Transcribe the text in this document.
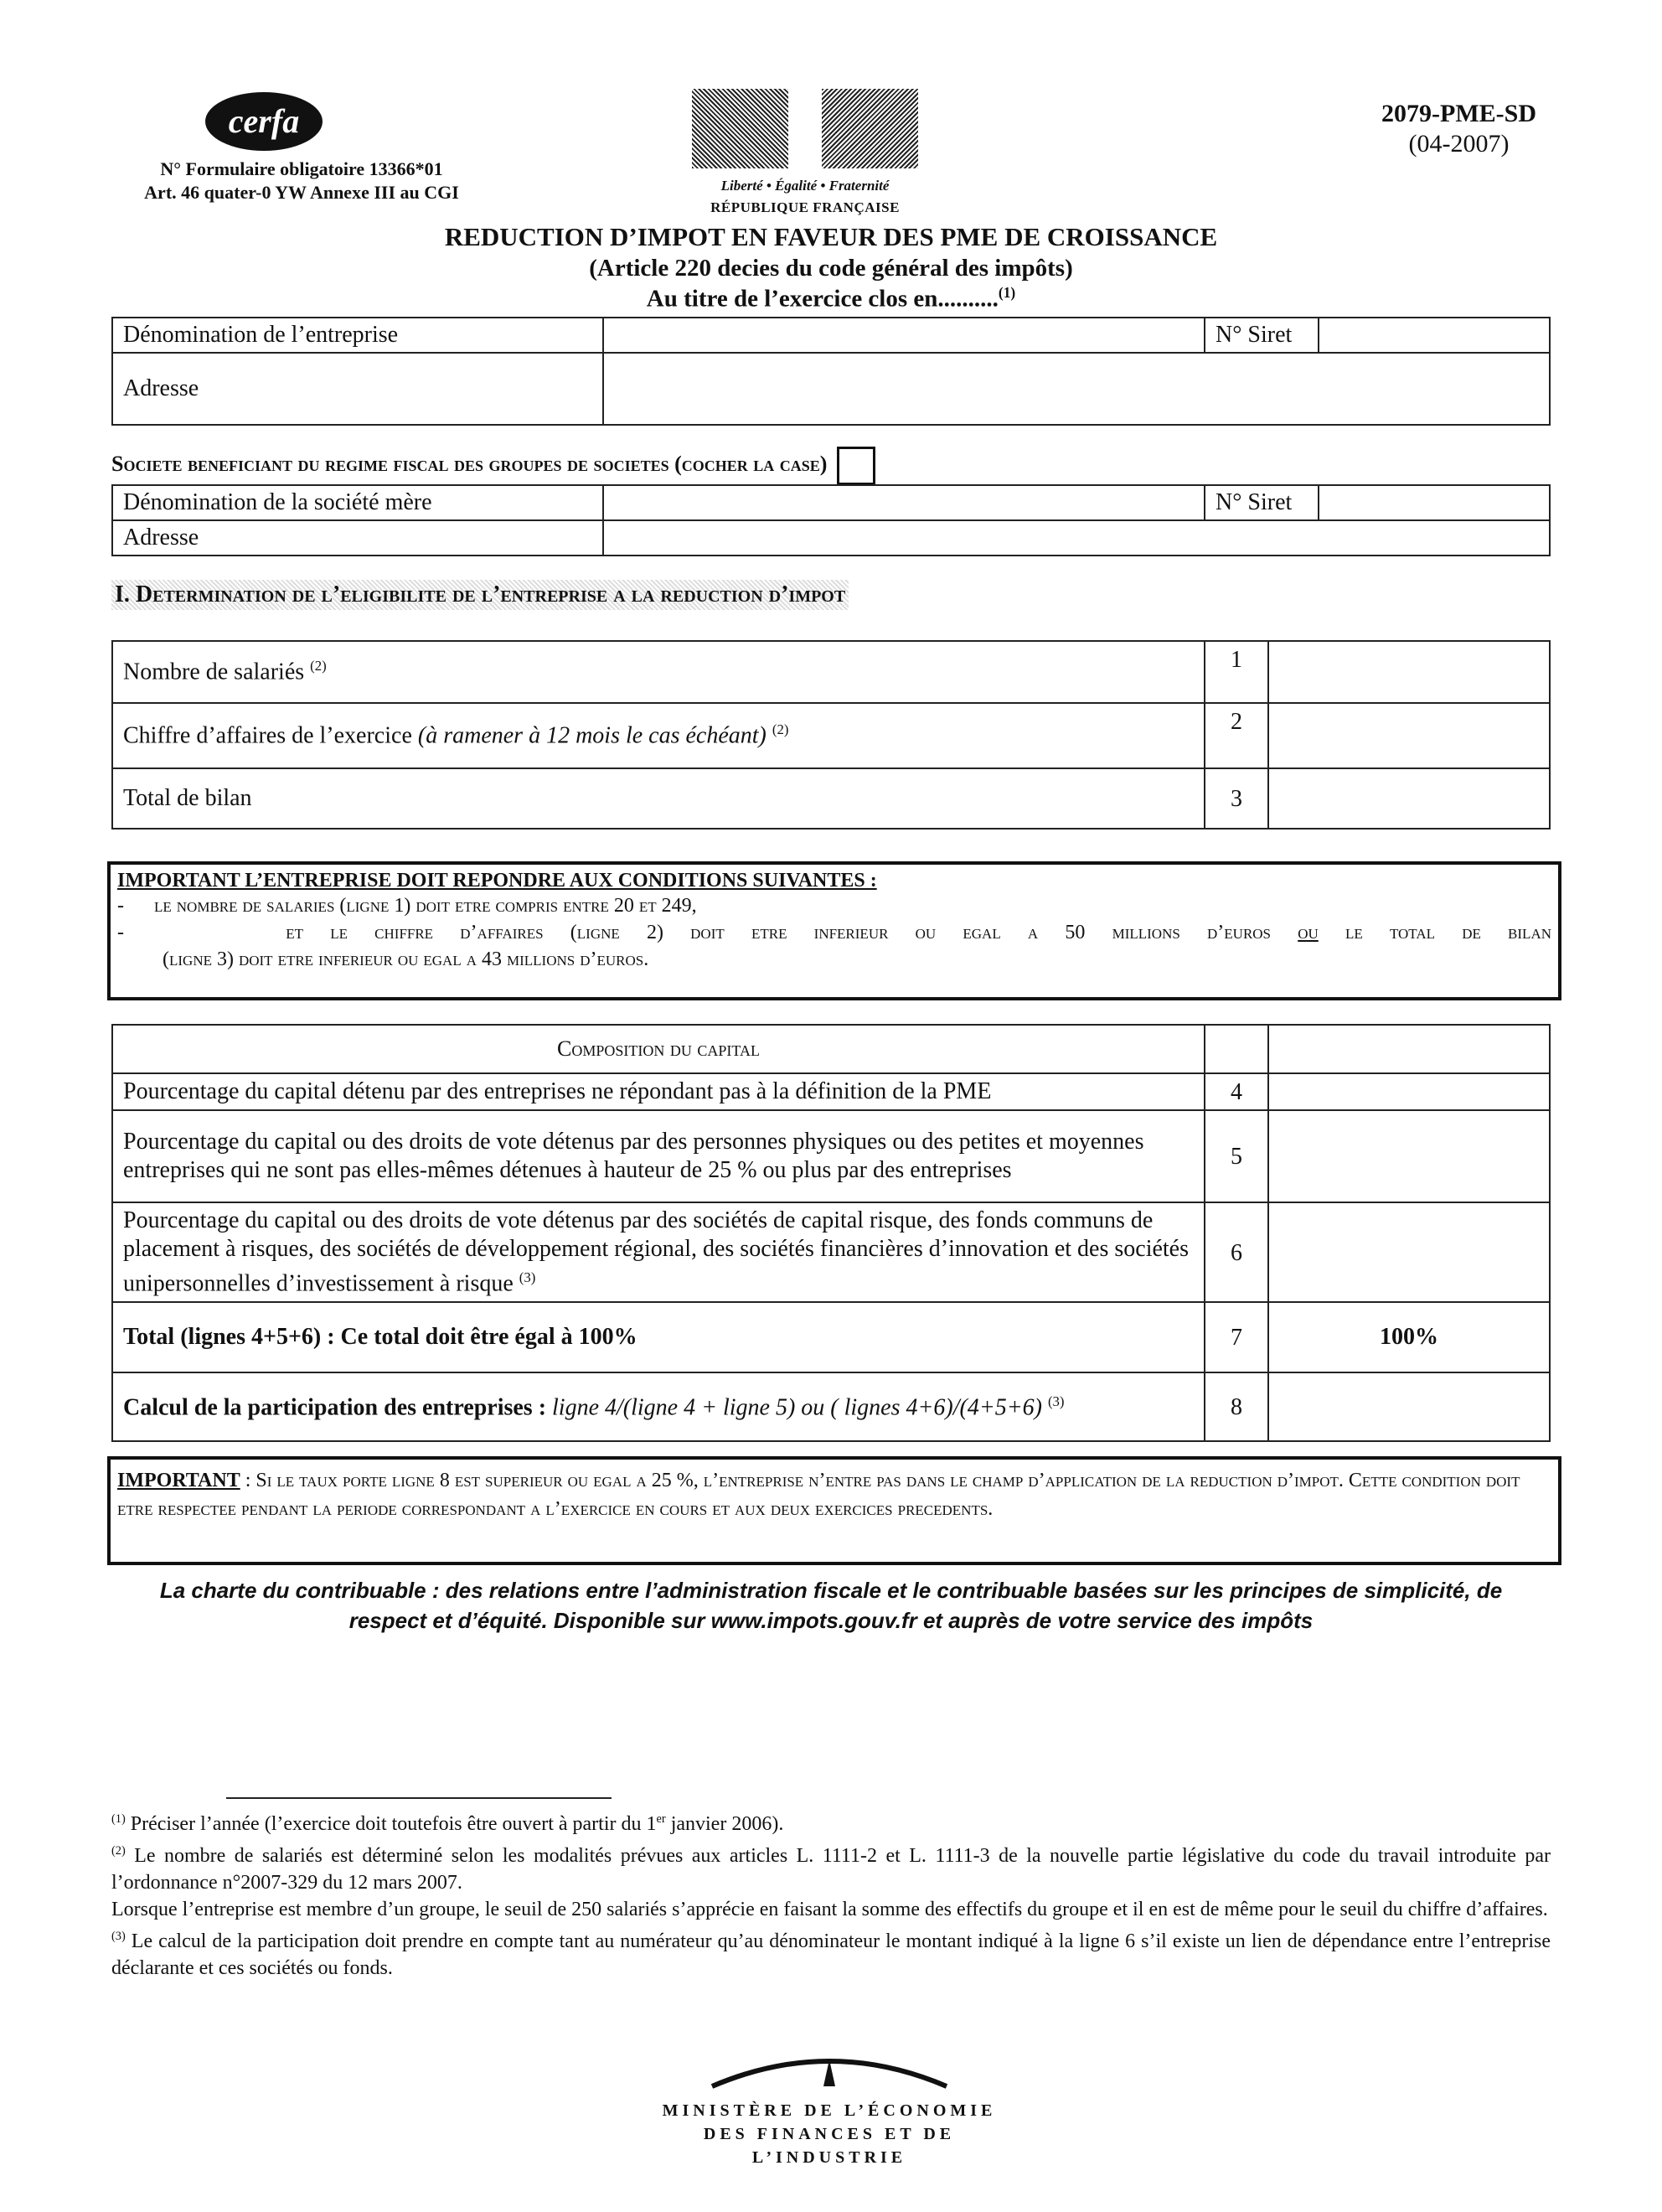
cerfa
N° Formulaire obligatoire 13366*01
Art. 46 quater-0 YW Annexe III au CGI	Liberté • Égalité • Fraternité
RÉPUBLIQUE FRANÇAISE
2079-PME-SD
(04-2007)
REDUCTION D’IMPOT EN FAVEUR DES PME DE CROISSANCE
(Article 220 decies du code général des impôts)
Au titre de l’exercice clos en..........$^{(1)}$
Dénomination de l’entreprise		N° Siret	
Adresse			
Societe beneficiant du regime fiscal des groupes de societes (cocher la case)
Dénomination de la société mère		N° Siret	
Adresse			
I. Determination de l’eligibilite de l’entreprise a la reduction d’impot
Nombre de salariés $^{(2)}$	1	
Chiffre d’affaires de l’exercice (à ramener à 12 mois le cas échéant) $^{(2)}$	2	
Total de bilan	3	
IMPORTANT L’ENTREPRISE DOIT REPONDRE AUX CONDITIONS SUIVANTES :
-      le nombre de salaries (ligne 1) doit etre compris entre 20 et 249,
-      et le chiffre d’affaires (ligne 2) doit etre inferieur ou egal a 50 millions d’euros ou le total de bilan
(ligne 3) doit etre inferieur ou egal a 43 millions d’euros.
Composition du capital		
Pourcentage du capital détenu par des entreprises ne répondant pas à la définition de la PME	4	
Pourcentage du capital ou des droits de vote détenus par des personnes physiques ou des petites et moyennes entreprises qui ne sont pas elles-mêmes détenues à hauteur de 25 % ou plus par des entreprises	5	
Pourcentage du capital ou des droits de vote détenus par des sociétés de capital risque, des fonds communs de placement à risques, des sociétés de développement régional, des sociétés financières d’innovation et des sociétés unipersonnelles d’investissement à risque $^{(3)}$	6	
Total (lignes 4+5+6) : Ce total doit être égal à 100%	7	100%
Calcul de la participation des entreprises : ligne 4/(ligne 4 + ligne 5) ou ( lignes 4+6)/(4+5+6) $^{(3)}$	8	
IMPORTANT : Si le taux porte ligne 8 est superieur ou egal a 25 %, l’entreprise n’entre pas dans le champ d’application de la reduction d’impot. Cette condition doit etre respectee pendant la periode correspondant a l’exercice en cours et aux deux exercices precedents.
La charte du contribuable : des relations entre l’administration fiscale et le contribuable basées sur les principes de simplicité, de respect et d’équité. Disponible sur www.impots.gouv.fr et auprès de votre service des impôts
$^{(1)}$ Préciser l’année (l’exercice doit toutefois être ouvert à partir du 1er janvier 2006).
$^{(2)}$ Le nombre de salariés est déterminé selon les modalités prévues aux articles L. 1111-2 et L. 1111-3 de la nouvelle partie législative du code du travail introduite par l’ordonnance n°2007-329 du 12 mars 2007.
Lorsque l’entreprise est membre d’un groupe, le seuil de 250 salariés s’apprécie en faisant la somme des effectifs du groupe et il en est de même pour le seuil du chiffre d’affaires.
$^{(3)}$ Le calcul de la participation doit prendre en compte tant au numérateur qu’au dénominateur le montant indiqué à la ligne 6 s’il existe un lien de dépendance entre l’entreprise déclarante et ces sociétés ou fonds.
MINISTÈRE DE L’ÉCONOMIE
DES FINANCES ET DE L’INDUSTRIE
